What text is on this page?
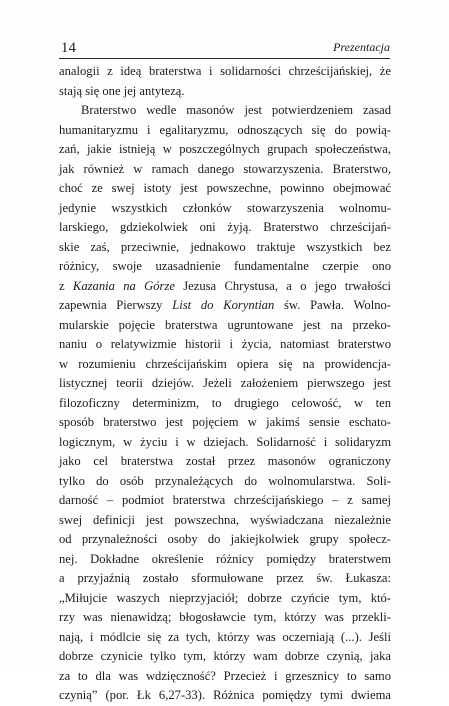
14	Prezentacja
analogii z ideą braterstwa i solidarności chrześcijańskiej, że
stają się one jej antytezą.
Braterstwo wedle masonów jest potwierdzeniem zasad
humanitaryzmu i egalitaryzmu, odnoszących się do powią-
zań, jakie istnieją w poszczególnych grupach społeczeństwa,
jak również w ramach danego stowarzyszenia. Braterstwo,
choć ze swej istoty jest powszechne, powinno obejmować
jedynie wszystkich członków stowarzyszenia wolnomu-
larskiego, gdziekolwiek oni żyją. Braterstwo chrześcijań-
skie zaś, przeciwnie, jednakowo traktuje wszystkich bez
różnicy, swoje uzasadnienie fundamentalne czerpie ono
z Kazania na Górze Jezusa Chrystusa, a o jego trwałości
zapewnia Pierwszy List do Koryntian św. Pawła. Wolno-
mularskie pojęcie braterstwa ugruntowane jest na przeko-
naniu o relatywizmie historii i życia, natomiast braterstwo
w rozumieniu chrześcijańskim opiera się na prowidencja-
listycznej teorii dziejów. Jeżeli założeniem pierwszego jest
filozoficzny determinizm, to drugiego celowość, w ten
sposób braterstwo jest pojęciem w jakimś sensie eschato-
logicznym, w życiu i w dziejach. Solidarność i solidaryzm
jako cel braterstwa został przez masonów ograniczony
tylko do osób przynależących do wolnomularstwa. Soli-
darność – podmiot braterstwa chrześcijańskiego – z samej
swej definicji jest powszechna, wyświadczana niezależnie
od przynależności osoby do jakiejkolwiek grupy społecz-
nej. Dokładne określenie różnicy pomiędzy braterstwem
a przyjaźnią zostało sformułowane przez św. Łukasza:
„Miłujcie waszych nieprzyjaciół; dobrze czyńcie tym, któ-
rzy was nienawidzą; błogosławcie tym, którzy was przekli-
nają, i módlcie się za tych, którzy was oczerniają (...). Jeśli
dobrze czynicie tylko tym, którzy wam dobrze czynią, jaka
za to dla was wdzięczność? Przecież i grzesznicy to samo
czynią” (por. Łk 6,27-33). Różnica pomiędzy tymi dwiema
